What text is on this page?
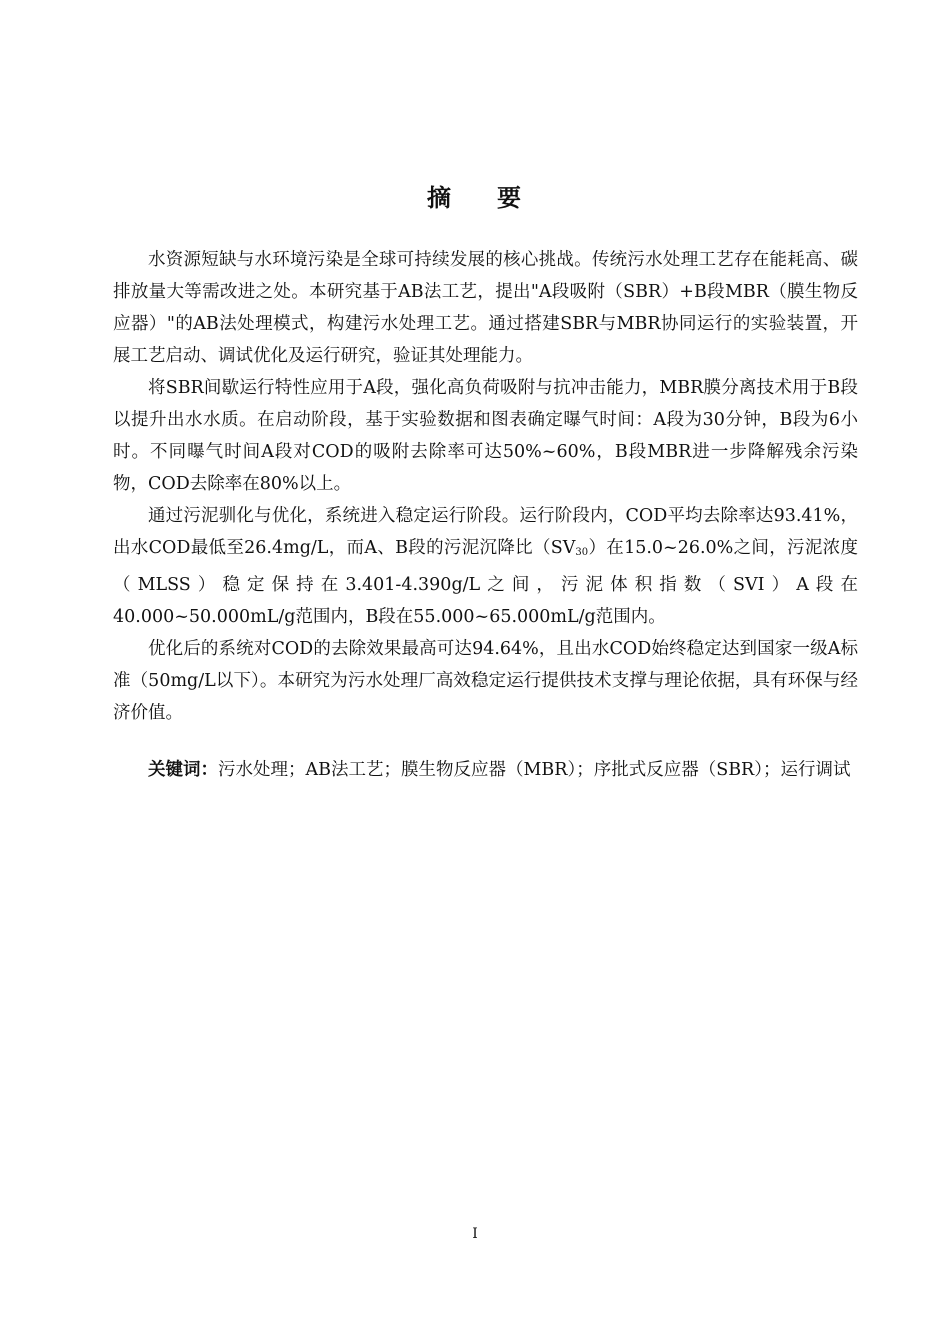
摘 要

水资源短缺与水环境污染是全球可持续发展的核心挑战。传统污水处理工艺存在能耗高、碳排放量大等需改进之处。本研究基于AB法工艺，提出"A段吸附（SBR）+B段MBR（膜生物反应器）"的AB法处理模式，构建污水处理工艺。通过搭建SBR与MBR协同运行的实验装置，开展工艺启动、调试优化及运行研究，验证其处理能力。

将SBR间歇运行特性应用于A段，强化高负荷吸附与抗冲击能力，MBR膜分离技术用于B段以提升出水水质。在启动阶段，基于实验数据和图表确定曝气时间：A段为30分钟，B段为6小时。不同曝气时间A段对COD的吸附去除率可达50%~60%，B段MBR进一步降解残余污染物，COD去除率在80%以上。

通过污泥驯化与优化，系统进入稳定运行阶段。运行阶段内，COD平均去除率达93.41%，出水COD最低至26.4mg/L，而A、B段的污泥沉降比$(SV_{30})$在15.0~26.0%之间，污泥浓度（MLSS）稳定保持在3.401-4.390g/L之间，污泥体积指数（SVI）A段在40.000~50.000mL/g范围内，B段在55.000~65.000mL/g范围内。

优化后的系统对COD的去除效果最高可达94.64%，且出水COD始终稳定达到国家一级A标准（50mg/L以下）。本研究为污水处理厂高效稳定运行提供技术支撑与理论依据，具有环保与经济价值。

关键词：污水处理；AB法工艺；膜生物反应器（MBR）；序批式反应器（SBR）；运行调试
I
